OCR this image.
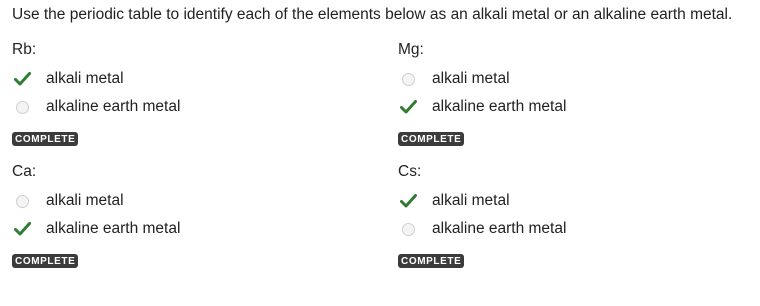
Use the periodic table to identify each of the elements below as an alkali metal or an alkaline earth metal.
Rb:
alkali metal
alkaline earth metal
COMPLETE
Mg:
alkali metal
alkaline earth metal
COMPLETE
Ca:
alkali metal
alkaline earth metal
COMPLETE
Cs:
alkali metal
alkaline earth metal
COMPLETE
